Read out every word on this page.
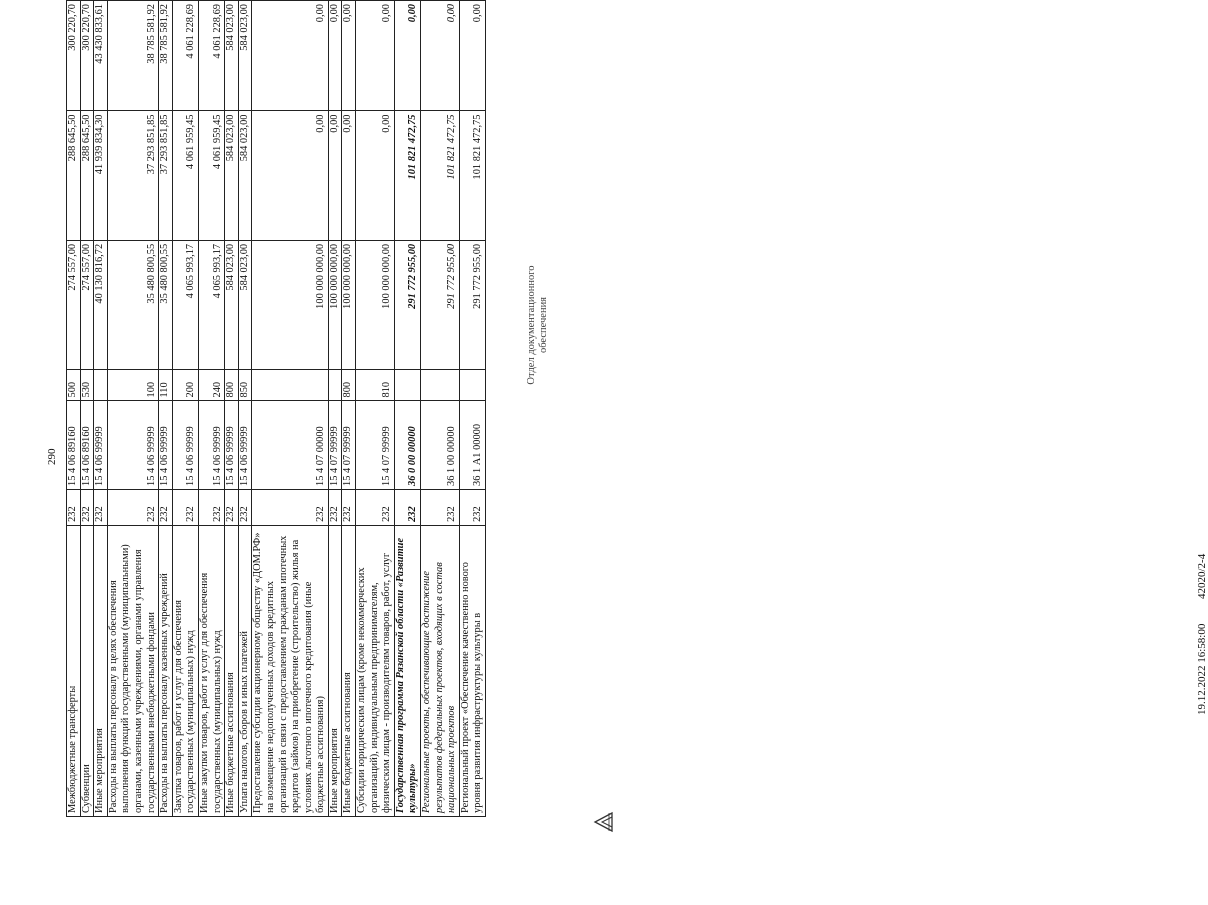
290
Межбюджетные трансферты	232	15 4 06 89160	500	274 557,00	288 645,50	300 220,70
Субвенции	232	15 4 06 89160	530	274 557,00	288 645,50	300 220,70
Иные мероприятия	232	15 4 06 99999		40 130 816,72	41 939 834,30	43 430 833,61
Расходы на выплаты персоналу в целях обеспечения выполнения функций государственными (муниципальными) органами, казенными учреждениями, органами управления государственными внебюджетными фондами	232	15 4 06 99999	100	35 480 800,55	37 293 851,85	38 785 581,92
Расходы на выплаты персоналу казенных учреждений	232	15 4 06 99999	110	35 480 800,55	37 293 851,85	38 785 581,92
Закупка товаров, работ и услуг для обеспечения государственных (муниципальных) нужд	232	15 4 06 99999	200	4 065 993,17	4 061 959,45	4 061 228,69
Иные закупки товаров, работ и услуг для обеспечения государственных (муниципальных) нужд	232	15 4 06 99999	240	4 065 993,17	4 061 959,45	4 061 228,69
Иные бюджетные ассигнования	232	15 4 06 99999	800	584 023,00	584 023,00	584 023,00
Уплата налогов, сборов и иных платежей	232	15 4 06 99999	850	584 023,00	584 023,00	584 023,00
Предоставление субсидии акционерному обществу «ДОМ.РФ» на возмещение недополученных доходов кредитных организаций в связи с предоставлением гражданам ипотечных кредитов (займов) на приобретение (строительство) жилья на условиях льготного ипотечного кредитования (иные бюджетные ассигнования)	232	15 4 07 00000		100 000 000,00	0,00	0,00
Иные мероприятия	232	15 4 07 99999		100 000 000,00	0,00	0,00
Иные бюджетные ассигнования	232	15 4 07 99999	800	100 000 000,00	0,00	0,00
Субсидии юридическим лицам (кроме некоммерческих организаций), индивидуальным предпринимателям, физическим лицам - производителям товаров, работ, услуг	232	15 4 07 99999	810	100 000 000,00	0,00	0,00
Государственная программа Рязанской области «Развитие культуры»	232	36 0 00 00000		291 772 955,00	101 821 472,75	0,00
Региональные проекты, обеспечивающие достижение результатов федеральных проектов, входящих в состав национальных проектов	232	36 1 00 00000		291 772 955,00	101 821 472,75	0,00
Региональный проект «Обеспечение качественно нового уровня развития инфраструктуры культуры в	232	36 1 А1 00000		291 772 955,00	101 821 472,75	0,00
19.12.2022 16:58:00
42020/2-4
Отдел документационного обеспечения
